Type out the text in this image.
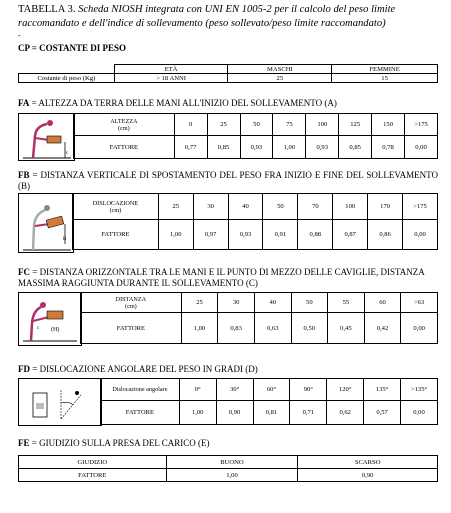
TABELLA 3. Scheda NIOSH integrata con UNI EN 1005-2 per il calcolo del peso limite raccomandato e dell'indice di sollevamento (peso sollevato/peso limite raccomandato)
-
CP = COSTANTE DI PESO
	ETÀ	MASCHI	FEMMINE
Costante di peso (Kg)	> 18 ANNI	25	15
FA = ALTEZZA DA TERRA DELLE MANI ALL'INIZIO DEL SOLLEVAMENTO (A)
c
ALTEZZA
(cm)	0	25	50	75	100	125	150	>175
FATTORE	0,77	0,85	0,93	1,00	0,93	0,85	0,78	0,00
FB = DISTANZA VERTICALE DI SPOSTAMENTO DEL PESO FRA INIZIO E FINE DEL SOLLEVAMENTO (B)
B
DISLOCAZIONE
(cm)	25	30	40	50	70	100	170	>175
FATTORE	1,00	0,97	0,93	0,91	0,88	0,87	0,86	0,00
FC = DISTANZA ORIZZONTALE TRA LE MANI E IL PUNTO DI MEZZO DELLE CAVIGLIE, DISTANZA MASSIMA RAGGIUNTA DURANTE IL SOLLEVAMENTO (C)
(H)
c
DISTANZA
(cm)	25	30	40	50	55	60	>63
FATTORE	1,00	0,83	0,63	0,50	0,45	0,42	0,00
FD = DISLOCAZIONE ANGOLARE DEL PESO IN GRADI (D)
Dislocazione angolare	0°	30°	60°	90°	120°	135°	>135°
FATTORE	1,00	0,90	0,81	0,71	0,62	0,57	0,00
FE = GIUDIZIO SULLA PRESA DEL CARICO (E)
GIUDIZIO	BUONO	SCARSO
FATTORE	1,00	0,90
